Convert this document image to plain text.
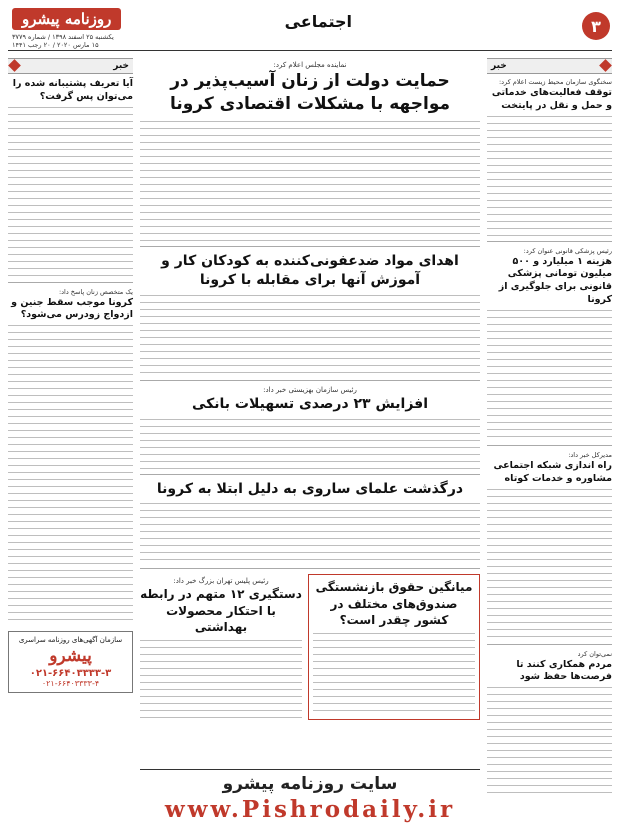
۳
اجتماعی
روزنامه پیشرو
یکشنبه ۲۵ اسفند ۱۳۹۸ / شماره ۳۷۷۹
۱۵ مارس ۲۰۲۰ / ۲۰ رجب ۱۴۴۱
خبر
سخنگوی سازمان محیط زیست اعلام کرد:
توقف فعالیت‌های خدماتی و حمل و نقل در پایتخت
رئیس پزشکی قانونی عنوان کرد:
هزینه ۱ میلیارد و ۵۰۰ میلیون تومانی پزشکی قانونی برای جلوگیری از کرونا
مدیرکل خبر داد:
راه اندازی شبکه اجتماعی مشاوره و خدمات کوتاه
نمی‌توان کرد
مردم همکاری کنند تا فرصت‌ها حفظ شود
خبر
آیا تعریف پشتیبانه شده را می‌توان پس گرفت؟
یک متخصص زنان پاسخ داد:
کرونا موجب سقط جنین و ازدواج زودرس می‌شود؟
سازمان آگهی‌های روزنامه سراسری
پیشرو
۰۲۱-۶۶۴۰۳۳۳۳-۳
۰۲۱-۶۶۴۰۳۳۳۳-۴
نماینده مجلس اعلام کرد:
حمایت دولت از زنان آسیب‌پذیر در مواجهه با مشکلات اقتصادی کرونا
اهدای مواد ضدعفونی‌کننده به کودکان کار و آموزش آنها برای مقابله با کرونا
رئیس سازمان بهزیستی خبر داد:
افزایش ۲۳ درصدی تسهیلات بانکی
درگذشت علمای ساروی به دلیل ابتلا به کرونا
میانگین حقوق بازنشستگی صندوق‌های مختلف در کشور چقدر است؟
رئیس پلیس تهران بزرگ خبر داد:
دستگیری ۱۲ متهم در رابطه با احتکار محصولات بهداشتی
سایت روزنامه پیشرو
www.Pishrodaily.ir
